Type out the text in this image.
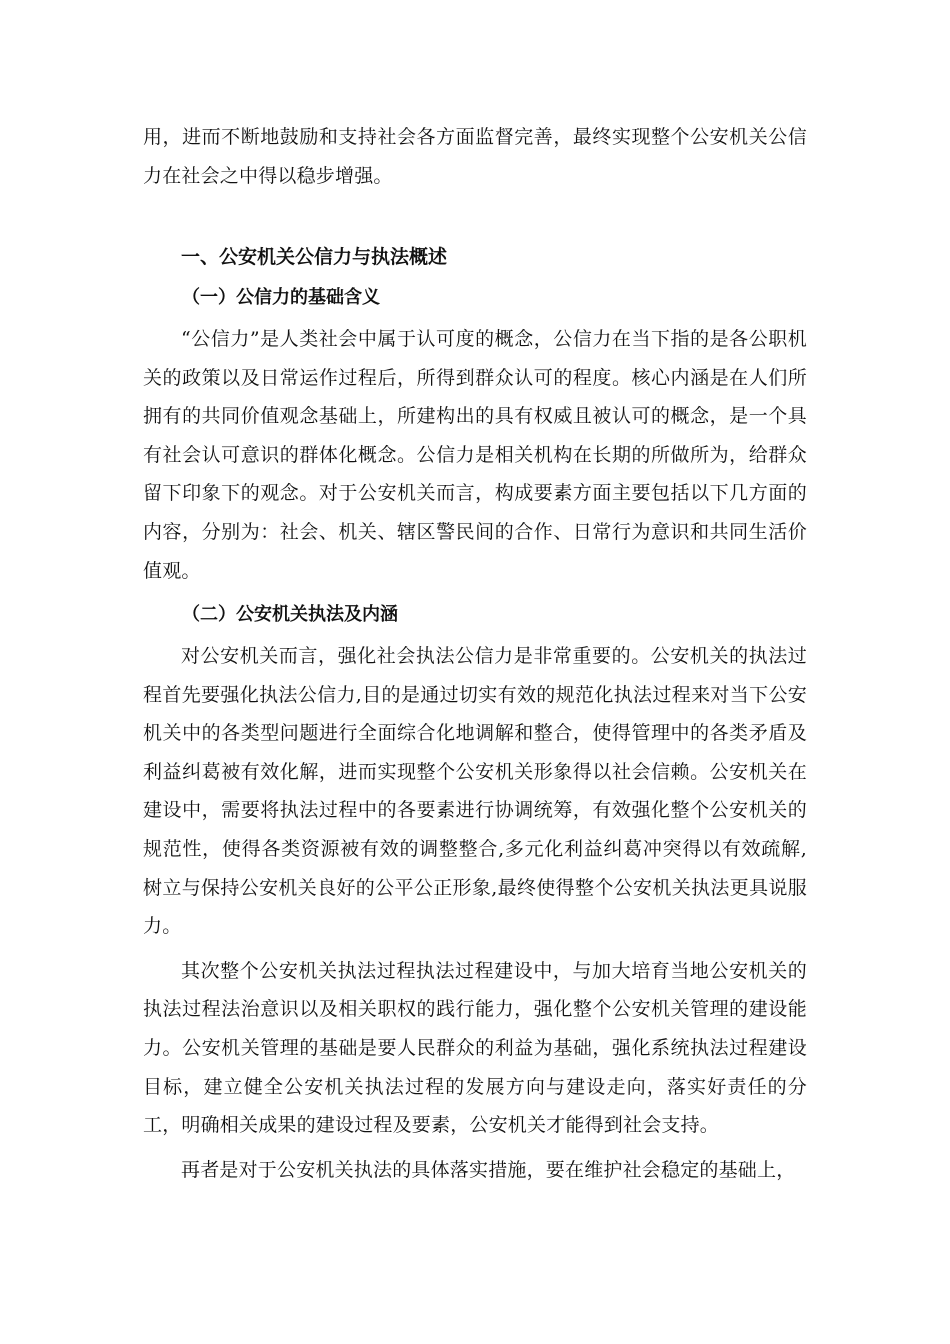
用，进而不断地鼓励和支持社会各方面监督完善，最终实现整个公安机关公信力在社会之中得以稳步增强。

一、公安机关公信力与执法概述
（一）公信力的基础含义

“公信力”是人类社会中属于认可度的概念，公信力在当下指的是各公职机关的政策以及日常运作过程后，所得到群众认可的程度。核心内涵是在人们所拥有的共同价值观念基础上，所建构出的具有权威且被认可的概念，是一个具有社会认可意识的群体化概念。公信力是相关机构在长期的所做所为，给群众留下印象下的观念。对于公安机关而言，构成要素方面主要包括以下几方面的内容，分别为：社会、机关、辖区警民间的合作、日常行为意识和共同生活价值观。

（二）公安机关执法及内涵

对公安机关而言，强化社会执法公信力是非常重要的。公安机关的执法过程首先要强化执法公信力,目的是通过切实有效的规范化执法过程来对当下公安机关中的各类型问题进行全面综合化地调解和整合，使得管理中的各类矛盾及利益纠葛被有效化解，进而实现整个公安机关形象得以社会信赖。公安机关在建设中，需要将执法过程中的各要素进行协调统筹，有效强化整个公安机关的规范性，使得各类资源被有效的调整整合,多元化利益纠葛冲突得以有效疏解,树立与保持公安机关良好的公平公正形象,最终使得整个公安机关执法更具说服力。

其次整个公安机关执法过程执法过程建设中，与加大培育当地公安机关的执法过程法治意识以及相关职权的践行能力，强化整个公安机关管理的建设能力。公安机关管理的基础是要人民群众的利益为基础，强化系统执法过程建设目标，建立健全公安机关执法过程的发展方向与建设走向，落实好责任的分工，明确相关成果的建设过程及要素，公安机关才能得到社会支持。

再者是对于公安机关执法的具体落实措施，要在维护社会稳定的基础上，
